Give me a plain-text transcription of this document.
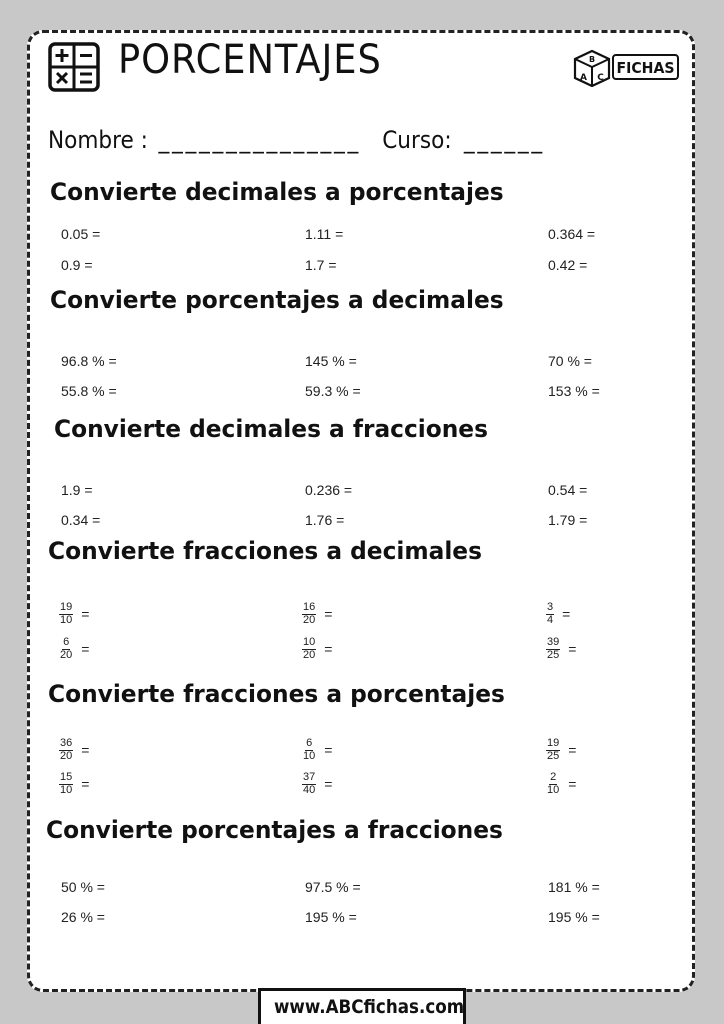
PORCENTAJES	B
A C
FICHAS
Nombre : _______________ Curso: ______
Convierte decimales a porcentajes
0.05 =	1.11 =	0.364 =
0.9 =	1.7 =	0.42 =
Convierte porcentajes a decimales
96.8 % =	145 % =	70 % =
55.8 % =	59.3 % =	153 % =
Convierte decimales a fracciones
1.9 =	0.236 =	0.54 =
0.34 =	1.76 =	1.79 =
Convierte fracciones a decimales
$\frac{19}{10}$ =	$\frac{16}{20}$ =	$\frac{3}{4}$ =
$\frac{6}{20}$ =	$\frac{10}{20}$ =	$\frac{39}{25}$ =
Convierte fracciones a porcentajes
$\frac{36}{20}$ =	$\frac{6}{10}$ =	$\frac{19}{25}$ =
$\frac{15}{10}$ =	$\frac{37}{40}$ =	$\frac{2}{10}$ =
Convierte porcentajes a fracciones
50 % =	97.5 % =	181 % =
26 % =	195 % =	195 % =
www.ABCfichas.com
